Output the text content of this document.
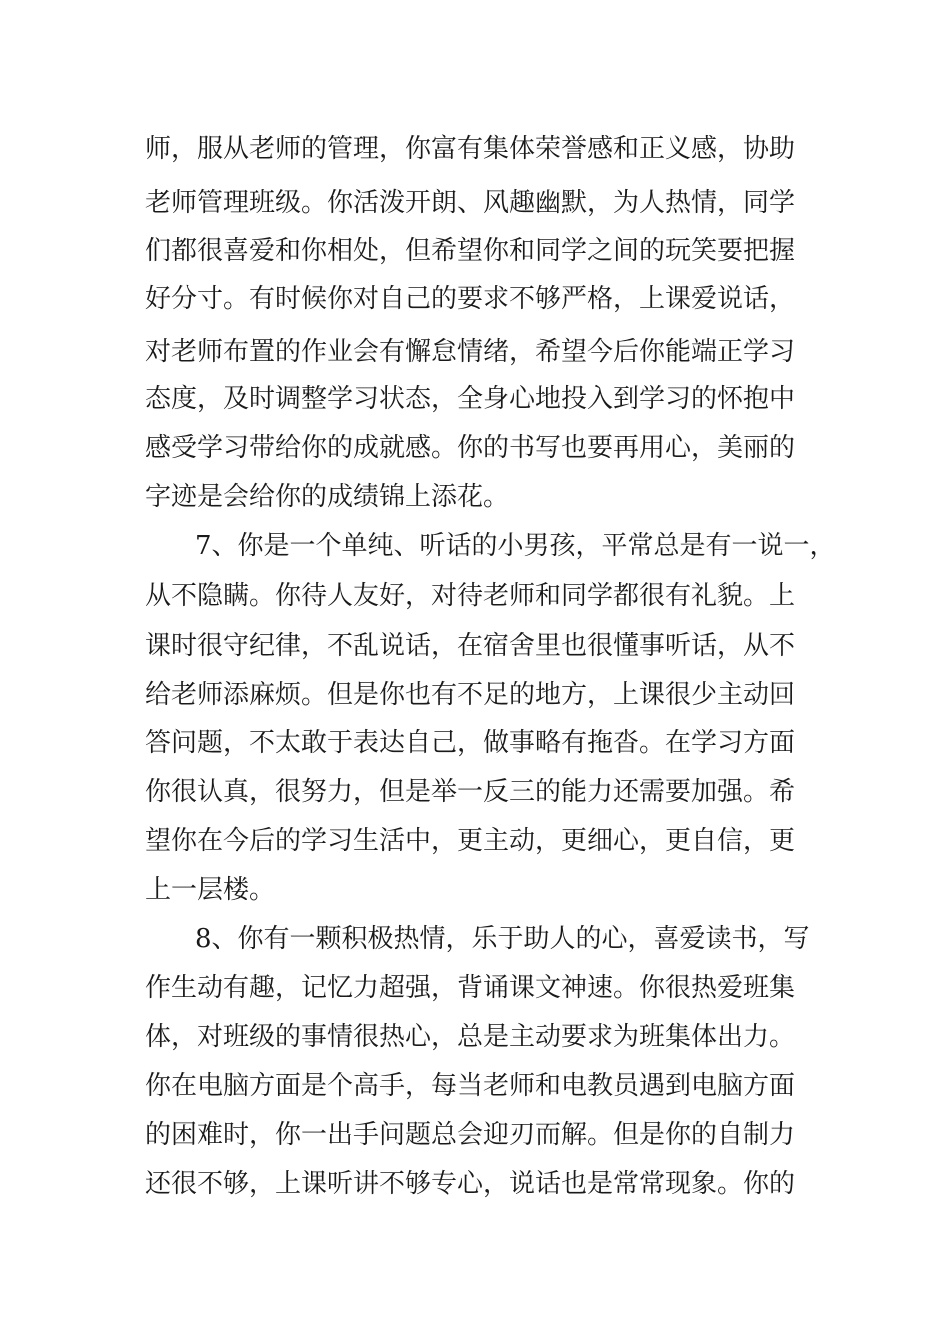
师，服从老师的管理，你富有集体荣誉感和正义感，协助

老师管理班级。你活泼开朗、风趣幽默，为人热情，同学

们都很喜爱和你相处，但希望你和同学之间的玩笑要把握

好分寸。有时候你对自己的要求不够严格，上课爱说话，

对老师布置的作业会有懈怠情绪，希望今后你能端正学习

态度，及时调整学习状态，全身心地投入到学习的怀抱中

感受学习带给你的成就感。你的书写也要再用心，美丽的

字迹是会给你的成绩锦上添花。

7、你是一个单纯、听话的小男孩，平常总是有一说一，

从不隐瞒。你待人友好，对待老师和同学都很有礼貌。上

课时很守纪律，不乱说话，在宿舍里也很懂事听话，从不

给老师添麻烦。但是你也有不足的地方，上课很少主动回

答问题，不太敢于表达自己，做事略有拖沓。在学习方面

你很认真，很努力，但是举一反三的能力还需要加强。希

望你在今后的学习生活中，更主动，更细心，更自信，更

上一层楼。

8、你有一颗积极热情，乐于助人的心，喜爱读书，写

作生动有趣，记忆力超强，背诵课文神速。你很热爱班集

体，对班级的事情很热心，总是主动要求为班集体出力。

你在电脑方面是个高手，每当老师和电教员遇到电脑方面

的困难时，你一出手问题总会迎刃而解。但是你的自制力

还很不够，上课听讲不够专心，说话也是常常现象。你的
